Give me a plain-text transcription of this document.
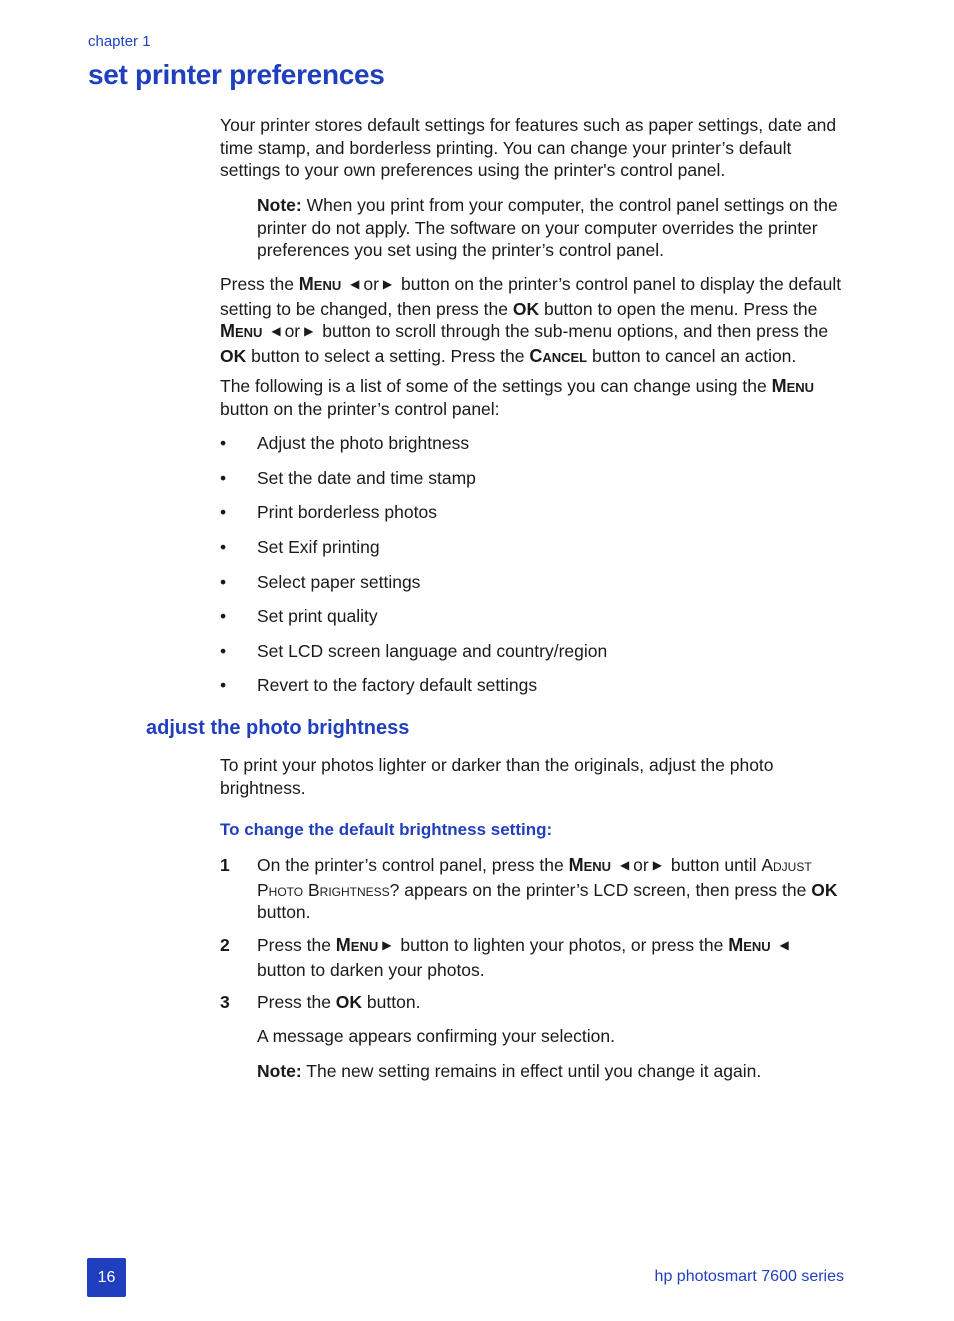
chapter 1
set printer preferences

Your printer stores default settings for features such as paper settings, date and time stamp, and borderless printing. You can change your printer’s default settings to your own preferences using the printer's control panel.

Note: When you print from your computer, the control panel settings on the printer do not apply. The software on your computer overrides the printer preferences you set using the printer’s control panel.

Press the Menu ◀ or ▶ button on the printer’s control panel to display the default setting to be changed, then press the OK button to open the menu. Press the Menu ◀ or ▶ button to scroll through the sub-menu options, and then press the OK button to select a setting. Press the Cancel button to cancel an action.

The following is a list of some of the settings you can change using the Menu button on the printer’s control panel:

• Adjust the photo brightness
• Set the date and time stamp
• Print borderless photos
• Set Exif printing
• Select paper settings
• Set print quality
• Set LCD screen language and country/region
• Revert to the factory default settings
adjust the photo brightness

To print your photos lighter or darker than the originals, adjust the photo brightness.

To change the default brightness setting:
1 On the printer’s control panel, press the Menu ◀ or ▶ button until Adjust Photo Brightness? appears on the printer’s LCD screen, then press the OK button.

2 Press the Menu ▶ button to lighten your photos, or press the Menu ◀
button to darken your photos.

3 Press the OK button.

A message appears confirming your selection.

Note: The new setting remains in effect until you change it again.

16	hp photosmart 7600 series
